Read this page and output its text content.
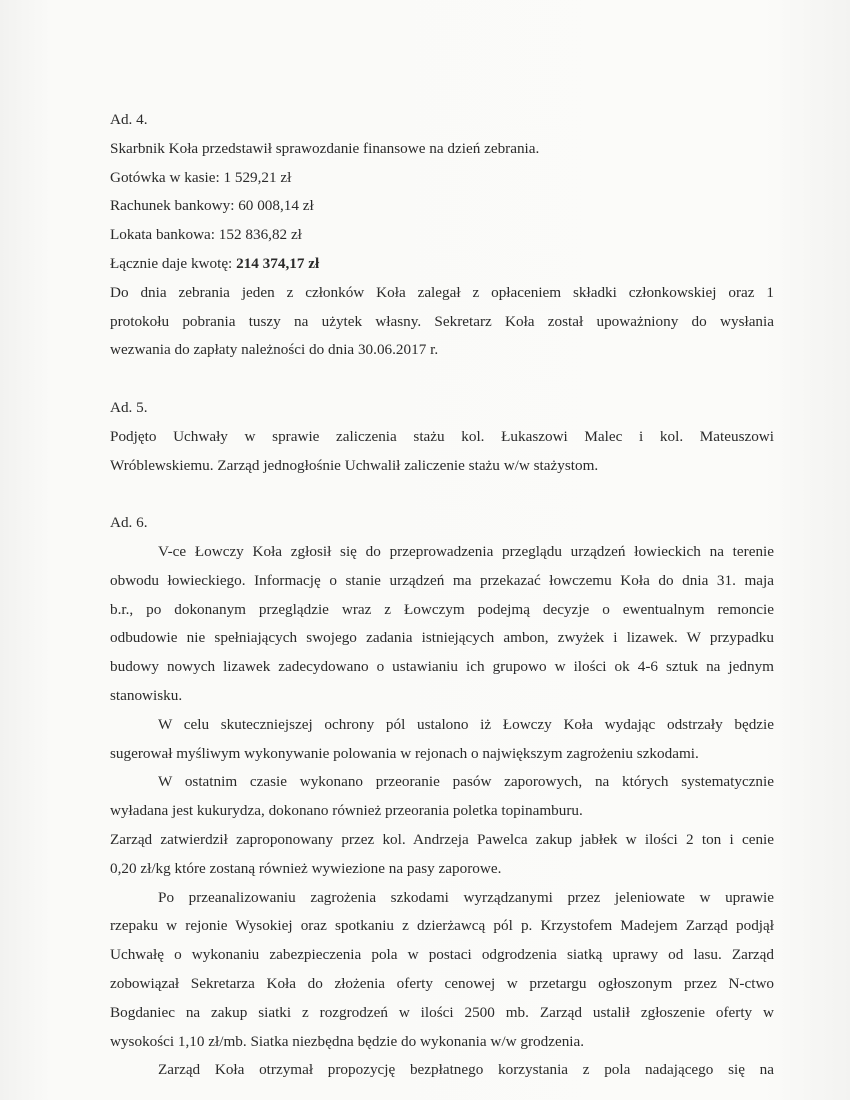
Ad. 4.
Skarbnik Koła przedstawił sprawozdanie finansowe na dzień zebrania.
Gotówka w kasie: 1 529,21 zł
Rachunek bankowy: 60 008,14 zł
Lokata bankowa: 152 836,82 zł
Łącznie daje kwotę: 214 374,17 zł
Do dnia zebrania jeden z członków Koła zalegał z opłaceniem składki członkowskiej oraz 1
protokołu pobrania tuszy na użytek własny. Sekretarz Koła został upoważniony do wysłania
wezwania do zapłaty należności do dnia 30.06.2017 r.
Ad. 5.
Podjęto Uchwały w sprawie zaliczenia stażu kol. Łukaszowi Malec i kol. Mateuszowi
Wróblewskiemu. Zarząd jednogłośnie Uchwalił zaliczenie stażu w/w stażystom.
Ad. 6.
V-ce Łowczy Koła zgłosił się do przeprowadzenia przeglądu urządzeń łowieckich na terenie
obwodu łowieckiego. Informację o stanie urządzeń ma przekazać łowczemu Koła do dnia 31. maja
b.r., po dokonanym przeglądzie wraz z Łowczym podejmą decyzje o ewentualnym remoncie
odbudowie nie spełniających swojego zadania istniejących ambon, zwyżek i lizawek. W przypadku
budowy nowych lizawek zadecydowano o ustawianiu ich grupowo w ilości ok 4-6 sztuk na jednym
stanowisku.
W celu skuteczniejszej ochrony pól ustalono iż Łowczy Koła wydając odstrzały będzie
sugerował myśliwym wykonywanie polowania w rejonach o największym zagrożeniu szkodami.
W ostatnim czasie wykonano przeoranie pasów zaporowych, na których systematycznie
wyładana jest kukurydza, dokonano również przeorania poletka topinamburu.
Zarząd zatwierdził zaproponowany przez kol. Andrzeja Pawelca zakup jabłek w ilości 2 ton i cenie
0,20 zł/kg które zostaną również wywiezione na pasy zaporowe.
Po przeanalizowaniu zagrożenia szkodami wyrządzanymi przez jeleniowate w uprawie
rzepaku w rejonie Wysokiej oraz spotkaniu z dzierżawcą pól p. Krzystofem Madejem Zarząd podjął
Uchwałę o wykonaniu zabezpieczenia pola w postaci odgrodzenia siatką uprawy od lasu. Zarząd
zobowiązał Sekretarza Koła do złożenia oferty cenowej w przetargu ogłoszonym przez N-ctwo
Bogdaniec na zakup siatki z rozgrodzeń w ilości 2500 mb. Zarząd ustalił zgłoszenie oferty w
wysokości 1,10 zł/mb. Siatka niezbędna będzie do wykonania w/w grodzenia.
Zarząd Koła otrzymał propozycję bezpłatnego korzystania z pola nadającego się na
